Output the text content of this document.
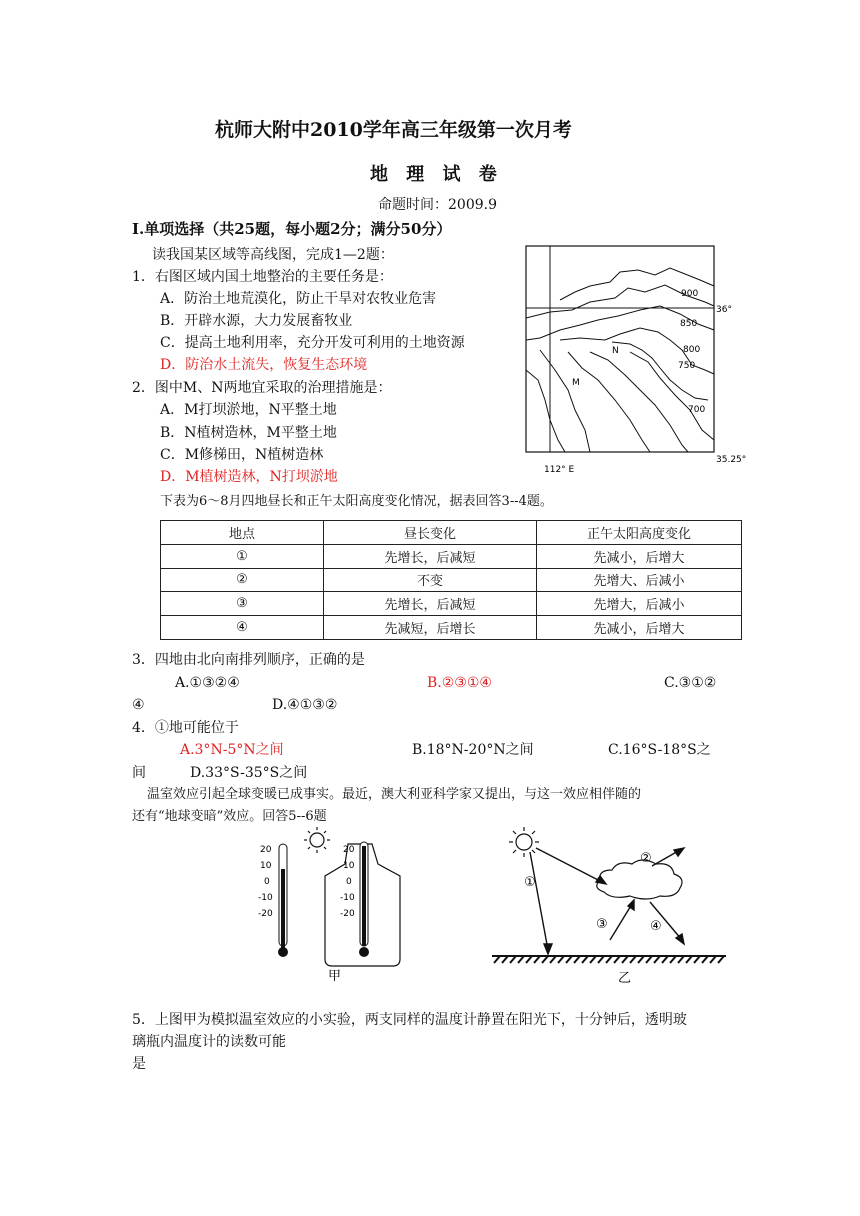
杭师大附中2010学年高三年级第一次月考
地 理 试 卷
命题时间：2009.9
Ⅰ.单项选择（共25题，每小题2分；满分50分）
读我国某区域等高线图，完成1—2题：
1．右图区域内国土地整治的主要任务是：
A．防治土地荒漠化，防止干旱对农牧业危害
B．开辟水源，大力发展畜牧业
C．提高土地利用率，充分开发可利用的土地资源
D．防治水土流失，恢复生态环境
2．图中M、N两地宜采取的治理措施是：
A．M打坝淤地，N平整土地
B．N植树造林，M平整土地
C．M修梯田，N植树造林
D．M植树造林，N打坝淤地
900
850
800
750
700
36°
35.25°
112° E
N
M
下表为6～8月四地昼长和正午太阳高度变化情况，据表回答3--4题。
地点	昼长变化	正午太阳高度变化
①	先增长，后减短	先减小，后增大
②	不变	先增大、后减小
③	先增长，后减短	先增大，后减小
④	先减短，后增长	先减小，后增大
3．四地由北向南排列顺序，正确的是
A.①③②④	B.②③①④	C.③①②
④	D.④①③②
4．①地可能位于
A.3°N-5°N之间	B.18°N-20°N之间	C.16°S-18°S之
间	D.33°S-35°S之间
温室效应引起全球变暖已成事实。最近，澳大利亚科学家又提出，与这一效应相伴随的
还有“地球变暗”效应。回答5--6题
20
10
0
-10
-20
20
10
0
-10
-20
甲
①
②
③	④
乙
5．上图甲为模拟温室效应的小实验，两支同样的温度计静置在阳光下，十分钟后，透明玻
璃瓶内温度计的读数可能
是
